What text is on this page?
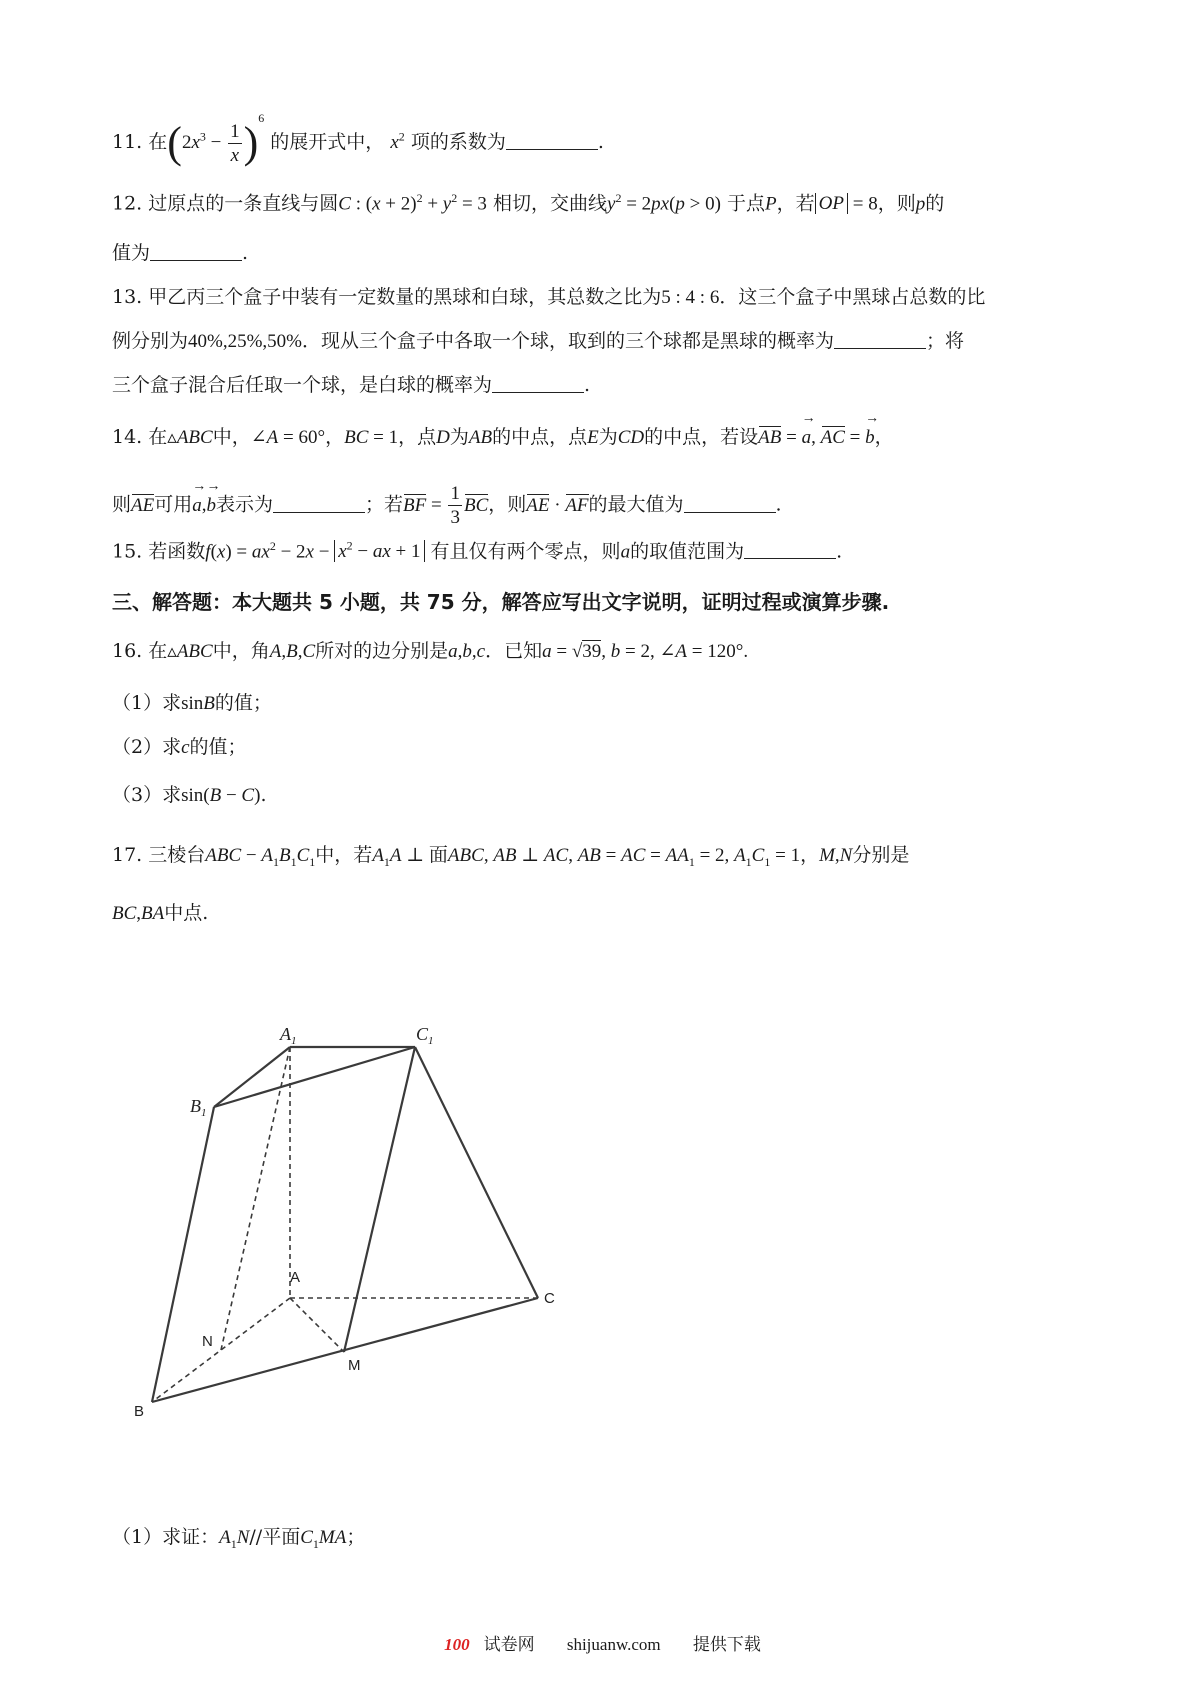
11. 在$(2x^3 - \frac{1}{x} )^6$ 的展开式中， $x^2$ 项的系数为	.
12. 过原点的一条直线与圆C : $(x + 2)^2 + y^2 = 3$ 相切，交曲线$y^2 = 2px(p > 0)$ 于点P，若 OP = 8，则p的
值为	.
13. 甲乙丙三个盒子中装有一定数量的黑球和白球，其总数之比为5 : 4 : 6．这三个盒子中黑球占总数的比
例分别为40%,25%,50%．现从三个盒子中各取一个球，取到的三个球都是黑球的概率为	；将
三个盒子混合后任取一个球，是白球的概率为	.
14. 在▵ABC中，∠A = 60°，BC = 1，点D为AB的中点，点E为CD的中点，若设AB = a →, AC = b →，
则AE可用a →,b →表示为	；若BF = $\frac{1}{3}$ BC，则AE · AF的最大值为	.
15. 若函数$f(x) = ax^2 - 2x - x^2$ − ax + 1 有且仅有两个零点，则a的取值范围为	.
三、解答题：本大题共 5 小题，共 75 分，解答应写出文字说明，证明过程或演算步骤.
16. 在▵ABC中，角A,B,C所对的边分别是a,b,c．已知a = √39, b = 2, ∠A = 120°.
（1）求sinB的值；
（2）求c的值；
（3）求sin(B − C).
17. 三棱台ABC − $A_1B_1C_1$中，若$A_1A$ ⊥ 面ABC, AB ⊥ AC, AB = AC = $AA_1 = 2$, $A_1C_1 = 1$，M,N分别是
BC,BA中点.
$A_1$	$C_1$
$B_1$
A
C
N
M
B
（1）求证：$A_1N//$平面$C_1MA$；
100 试卷网 shijuanw.com 提供下载
